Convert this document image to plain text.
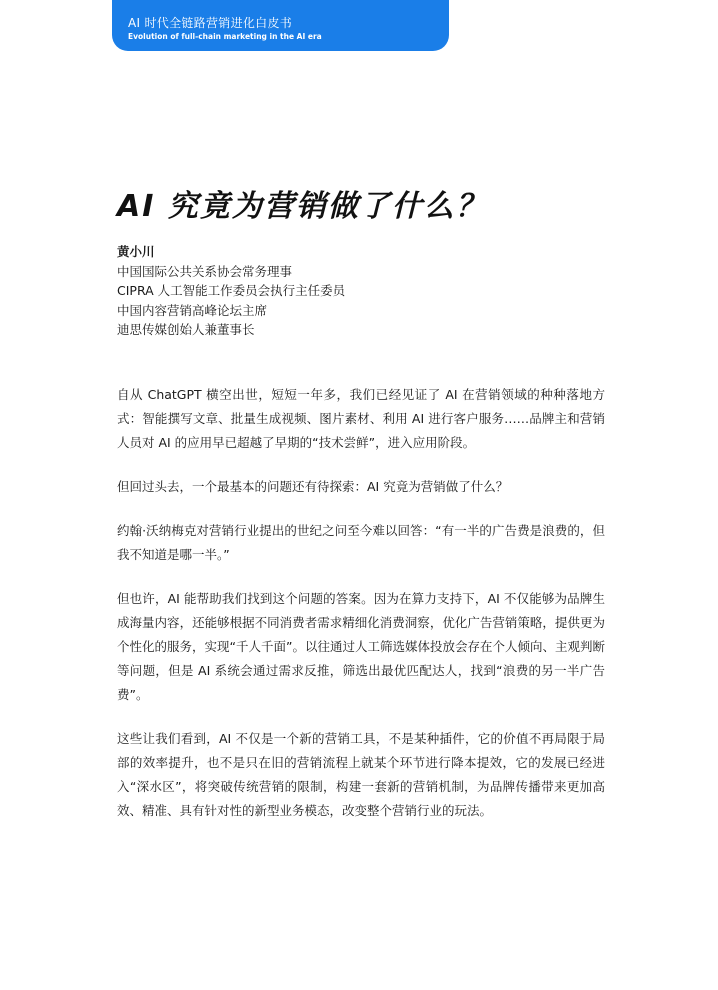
AI 时代全链路营销进化白皮书
Evolution of full-chain marketing in the AI era
AI 究竟为营销做了什么？
黄小川
中国国际公共关系协会常务理事
CIPRA 人工智能工作委员会执行主任委员
中国内容营销高峰论坛主席
迪思传媒创始人兼董事长

自从 ChatGPT 横空出世，短短一年多，我们已经见证了 AI 在营销领域的种种落地方式：智能撰写文章、批量生成视频、图片素材、利用 AI 进行客户服务……品牌主和营销人员对 AI 的应用早已超越了早期的“技术尝鲜”，进入应用阶段。

但回过头去，一个最基本的问题还有待探索：AI 究竟为营销做了什么？

约翰·沃纳梅克对营销行业提出的世纪之问至今难以回答：“有一半的广告费是浪费的，但我不知道是哪一半。”

但也许，AI 能帮助我们找到这个问题的答案。因为在算力支持下，AI 不仅能够为品牌生成海量内容，还能够根据不同消费者需求精细化消费洞察，优化广告营销策略，提供更为个性化的服务，实现“千人千面”。以往通过人工筛选媒体投放会存在个人倾向、主观判断等问题，但是 AI 系统会通过需求反推，筛选出最优匹配达人，找到“浪费的另一半广告费”。

这些让我们看到，AI 不仅是一个新的营销工具，不是某种插件，它的价值不再局限于局部的效率提升，也不是只在旧的营销流程上就某个环节进行降本提效，它的发展已经进入“深水区”，将突破传统营销的限制，构建一套新的营销机制，为品牌传播带来更加高效、精准、具有针对性的新型业务模态，改变整个营销行业的玩法。
